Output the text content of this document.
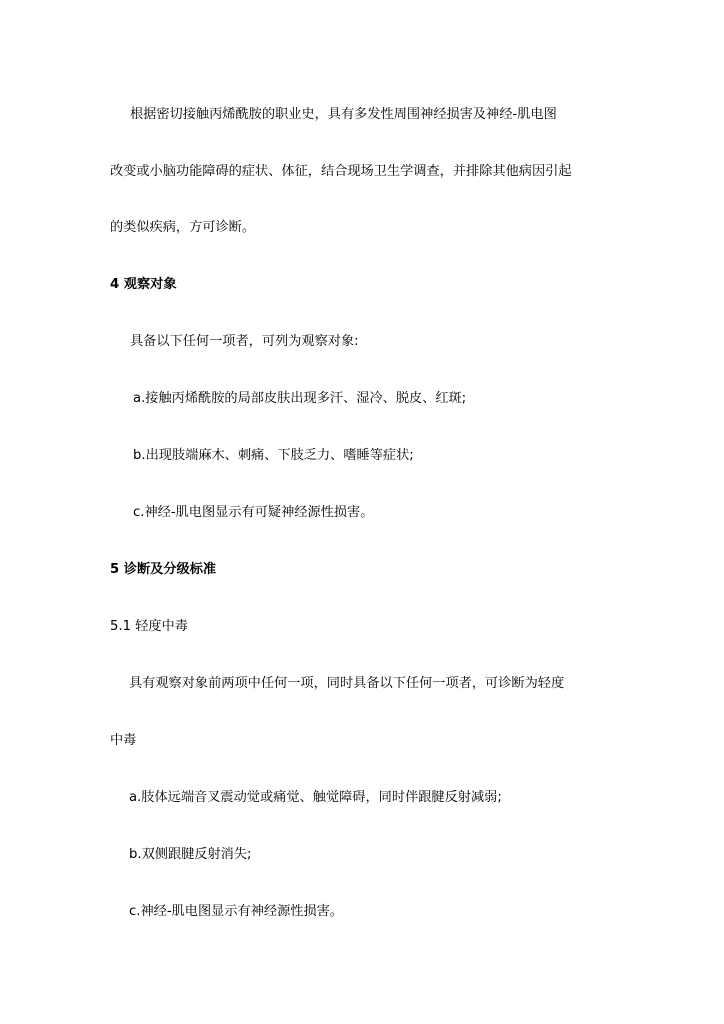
根据密切接触丙烯酰胺的职业史，具有多发性周围神经损害及神经-肌电图

改变或小脑功能障碍的症状、体征，结合现场卫生学调查，并排除其他病因引起

的类似疾病，方可诊断。

4 观察对象

具备以下任何一项者，可列为观察对象:

a.接触丙烯酰胺的局部皮肤出现多汗、湿冷、脱皮、红斑;

b.出现肢端麻木、刺痛、下肢乏力、嗜睡等症状;

c.神经-肌电图显示有可疑神经源性损害。

5 诊断及分级标准

5.1 轻度中毒

具有观察对象前两项中任何一项，同时具备以下任何一项者，可诊断为轻度

中毒

a.肢体远端音叉震动觉或痛觉、触觉障碍，同时伴跟腱反射减弱;

b.双侧跟腱反射消失;

c.神经-肌电图显示有神经源性损害。
